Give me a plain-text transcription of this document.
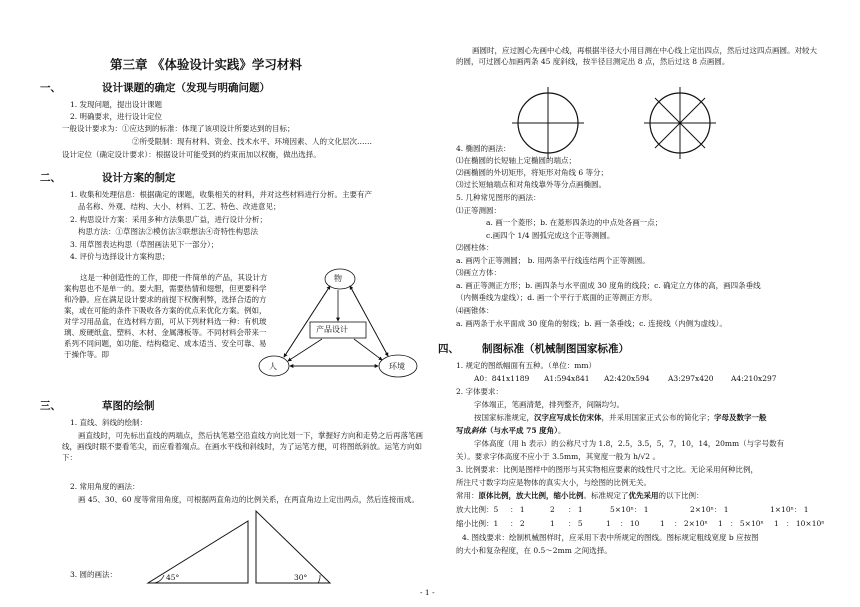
第三章 《体验设计实践》学习材料
一、	设计课题的确定（发现与明确问题）
1. 发现问题，提出设计课题
2. 明确要求，进行设计定位
一般设计要求为：①应达到的标准：体现了该项设计所要达到的目标；
②所受限制：现有材料、资金、技术水平、环境因素、人的文化层次……
设计定位（确定设计要求）：根据设计可能受到的约束而加以权衡，做出选择。
二、	设计方案的制定
1. 收集和处理信息：根据确定的课题，收集相关的材料，并对这些材料进行分析。主要有产
品名称、外观、结构、大小、材料、工艺、特色、改进意见；
2. 构思设计方案：采用多种方法集思广益，进行设计分析；
构思方法：①草图法②模仿法③联想法④奇特性构思法
3. 用草图表达构思（草图画法见下一部分）；
4. 评价与选择设计方案构思；
这是一种创造性的工作，即使一件简单的产品，其设计方案构思也不是单一的。要大胆，需要热情和翅想，但更要科学和冷静。应在满足设计要求的前提下权衡利弊，选择合适的方案，或在可能的条件下吸收各方案的优点来优化方案。例如，对学习用品盒，在选材料方面，可从下列材料选一种：有机玻璃、废硬纸盒、塑料、木材、金属薄板等。不同材料会带来一系列不同问题，如功能、结构稳定、成本适当、安全可靠、易于操作等。即
物
产品设计
人	环境
三、	草图的绘制
1. 直线、斜线的绘制：
画直线时，可先标出直线的两端点，然后执笔悬空沿直线方向比划一下，掌握好方向和走势之后再落笔画线，画线时眼不要看笔尖，而应看着端点。在画水平线和斜线时，为了运笔方便，可将图纸斜放。运笔方向如下：
2. 常用角度的画法：
画 45、30、60 度等常用角度，可根据两直角边的比例关系，在两直角边上定出两点，然后连接而成。
3. 圆的画法：	45°	30°
画圆时，应过圆心先画中心线，再根据半径大小用目测在中心线上定出四点，然后过这四点画圆。对较大的圆，可过圆心加画两条 45 度斜线，按半径目测定出 8 点，然后过这 8 点画圆。
4. 椭圆的画法：
⑴在椭圆的长短轴上定椭圆的端点；
⑵画椭圆的外切矩形，将矩形对角线 6 等分；
⑶过长短轴端点和对角线靠外等分点画椭圆。
5. 几种常见图形的画法：
⑴正等测圆：
a. 画一个菱形；b. 在菱形四条边的中点处各画一点；
c.画四个 1/4 圆弧完成这个正等测圆。
⑵圆柱体：
a. 画两个正等测圆； b. 用两条平行线连结两个正等测圆。
⑶画立方体：
a. 画正等测正方形；b. 画四条与水平面成 30 度角的线段；c. 确定立方体的高，画四条垂线
（内侧垂线为虚线）；d. 画一个平行于底面的正等测正方形。
⑷画锥体：
a. 画两条于水平面成 30 度角的射线；b. 画一条垂线；c. 连接线（内侧为虚线）。
四、 制图标准（机械制图国家标准）
1. 规定的图纸幅面有五种。（单位：mm）
A0：841x1189 A1:594x841 A2:420x594 A3:297x420 A4:210x297
2. 字体要求：
字体端正，笔画清楚，排列整齐，间隔均匀。
按国家标准规定，汉字应写成长仿宋体，并采用国家正式公布的简化字；字母及数字一般
写成斜体（与水平成 75 度角）。
字体高度（用 h 表示）的公称尺寸为 1.8，2.5，3.5，5，7，10，14，20mm（与字号数有
关）。要求字体高度不应小于 3.5mm，其宽度一般为 h/√2 。
3. 比例要求：比例是图样中的图形与其实物相应要素的线性尺寸之比。无论采用何种比例，
所注尺寸数字均应是物体的真实大小，与绘图的比例无关。
常用：原体比例，放大比例，缩小比例。标准规定了优先采用的以下比例：
放大比例：5 ： 1	2 ： 1	5×10ⁿ： 1	2×10ⁿ： 1	1×10ⁿ： 1
缩小比例：1 ： 2	1 ： 5	1 ： 10	1 ： 2×10ⁿ 1 ： 5×10ⁿ 1 ： 10×10ⁿ
4. 图线要求：绘制机械图样时，应采用下表中所规定的图线。图标规定粗线宽度 b 应按图
的大小和复杂程度，在 0.5～2mm 之间选择。
- 1 -
